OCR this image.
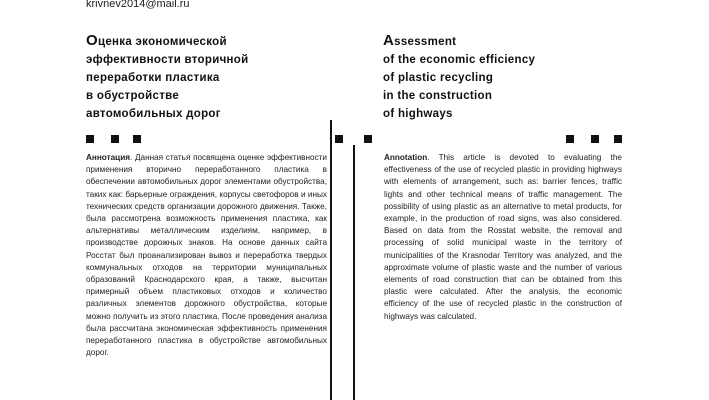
krivnev2014@mail.ru
Оценка экономической
эффективности вторичной
переработки пластика
в обустройстве
автомобильных дорог
Assessment
of the economic efficiency
of plastic recycling
in the construction
of highways

Аннотация. Данная статья посвящена оценке эффективности применения вторично переработанного пластика в обеспечении автомобильных дорог элементами обустройства, таких как: барьерные ограждения, корпусы светофоров и иных технических средств организации дорожного движения. Также, была рассмотрена возможность применения пластика, как альтернативы металлическим изделиям, например, в производстве дорожных знаков. На основе данных сайта Росстат был проанализирован вывоз и переработка твердых коммунальных отходов на территории муниципальных образований Краснодарского края, а также, высчитан примерный объем пластиковых отходов и количество различных элементов дорожного обустройства, которые можно получить из этого пластика. После проведения анализа была рассчитана экономическая эффективность применения переработанного пластика в обустройстве автомобильных дорог.

Annotation. This article is devoted to evaluating the effectiveness of the use of recycled plastic in providing highways with elements of arrangement, such as: barrier fences, traffic lights and other technical means of traffic management. The possibility of using plastic as an alternative to metal products, for example, in the production of road signs, was also considered. Based on data from the Rosstat website, the removal and processing of solid municipal waste in the territory of municipalities of the Krasnodar Territory was analyzed, and the approximate volume of plastic waste and the number of various elements of road construction that can be obtained from this plastic were calculated. After the analysis, the economic efficiency of the use of recycled plastic in the construction of highways was calculated.
